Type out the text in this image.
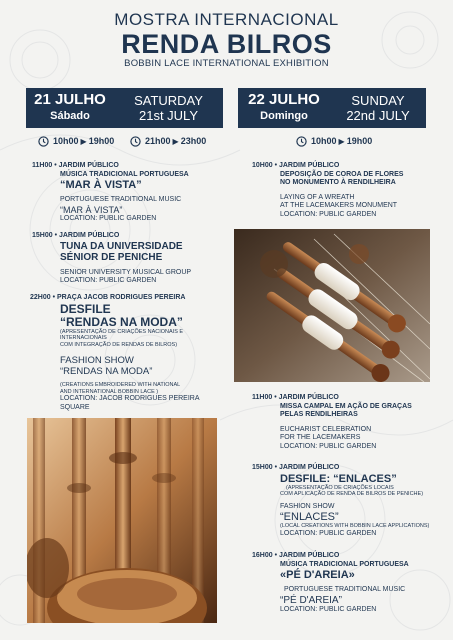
MOSTRA INTERNACIONAL
RENDA BILROS
BOBBIN LACE INTERNATIONAL EXHIBITION
21 JULHO
Sábado
SATURDAY
21st JULY
22 JULHO
Domingo
SUNDAY
22nd JULY
10h00 ▶ 19h00	21h00 ▶ 23h00	10h00 ▶ 19h00
11H00 • JARDIM PÚBLICO
MÚSICA TRADICIONAL PORTUGUESA
“MAR À VISTA”
PORTUGUESE TRADITIONAL MUSIC
“MAR À VISTA”
LOCATION: PUBLIC GARDEN
15H00 • JARDIM PÚBLICO
TUNA DA UNIVERSIDADE
SÉNIOR DE PENICHE
SENIOR UNIVERSITY MUSICAL GROUP
LOCATION: PUBLIC GARDEN
22H00 • PRAÇA JACOB RODRIGUES PEREIRA
DESFILE
“RENDAS NA MODA”
(APRESENTAÇÃO DE CRIAÇÕES NACIONAIS E INTERNACIONAIS
COM INTEGRAÇÃO DE RENDAS DE BILROS)
FASHION SHOW
“RENDAS NA MODA”
(CREATIONS EMBROIDERED WITH NATIONAL
AND INTERNATIONAL BOBBIN LACE )
LOCATION: JACOB RODRIGUES PEREIRA SQUARE
10H00 • JARDIM PÚBLICO
DEPOSIÇÃO DE COROA DE FLORES
NO MONUMENTO À RENDILHEIRA
LAYING OF A WREATH
AT THE LACEMAKERS MONUMENT
LOCATION: PUBLIC GARDEN
11H00 • JARDIM PÚBLICO
MISSA CAMPAL EM AÇÃO DE GRAÇAS
PELAS RENDILHEIRAS
EUCHARIST CELEBRATION
FOR THE LACEMAKERS
LOCATION: PUBLIC GARDEN
15H00 • JARDIM PÚBLICO
DESFILE: “ENLACES”
(APRESENTAÇÃO DE CRIAÇÕES LOCAIS
COM APLICAÇÃO DE RENDA DE BILROS DE PENICHE)
FASHION SHOW
“ENLACES”
(LOCAL CREATIONS WITH BOBBIN LACE APPLICATIONS)
LOCATION: PUBLIC GARDEN
16H00 • JARDIM PÚBLICO
MÚSICA TRADICIONAL PORTUGUESA
«PÉ D'AREIA»
PORTUGUESE TRADITIONAL MUSIC
“PÉ D'AREIA”
LOCATION: PUBLIC GARDEN
